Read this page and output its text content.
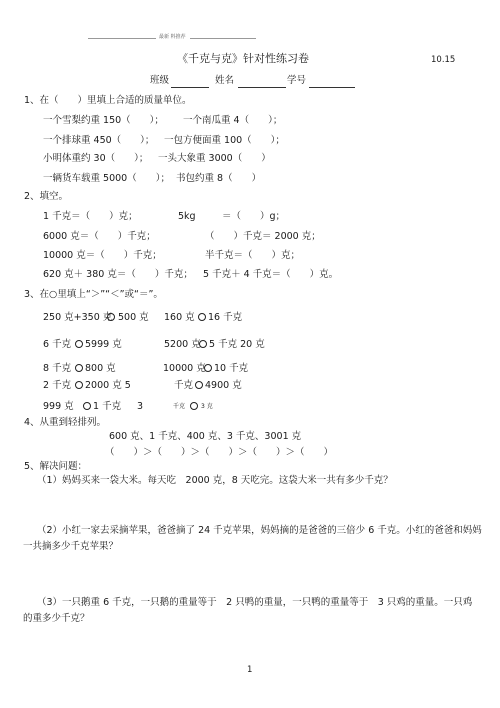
最新 料推荐
《千克与克》针对性练习卷	10.15
班级	姓名	学号
1、在（　　）里填上合适的质量单位。
一个雪梨约重 150（　　）； 一个南瓜重 4（　　）；
一个排球重 450（　　）； 一包方便面重 100（　　）；
小明体重约 30（　　）； 一头大象重 3000（　　）
一辆货车载重 5000（　　）； 书包约重 8（　　）
2、填空。
1 千克＝（　　）克；	5kg	＝（　　）g；
6000 克＝（　　）千克；	（　　）千克＝ 2000 克；
10000 克＝（　　）千克；	半千克＝（　　）克；
620 克＋ 380 克＝（　　）千克； 5 千克＋ 4 千克＝（　　）克。
3、在○里填上“＞”“＜”或“＝”。
250 克+350 克 500 克 160 克 16 千克
6 千克 5999 克	5200 克 5 千克 20 克
8 千克 800 克	10000 克 10 千克
2 千克 2000 克 5	千克 4900 克
999 克 1 千克 3	千克	3 克
4、从重到轻排列。
600 克、1 千克、400 克、3 千克、3001 克
（　　）＞（　　）＞（　　）＞（　　）＞（　　）
5、解决问题：
（1）妈妈买来一袋大米。每天吃　2000 克，8 天吃完。这袋大米一共有多少千克？
（2）小红一家去采摘苹果，爸爸摘了 24 千克苹果，妈妈摘的是爸爸的三倍少 6 千克。小红的爸爸和妈妈
一共摘多少千克苹果？
（3）一只鹅重 6 千克，一只鹅的重量等于　2 只鸭的重量，一只鸭的重量等于　3 只鸡的重量。一只鸡
的重多少千克？
1
